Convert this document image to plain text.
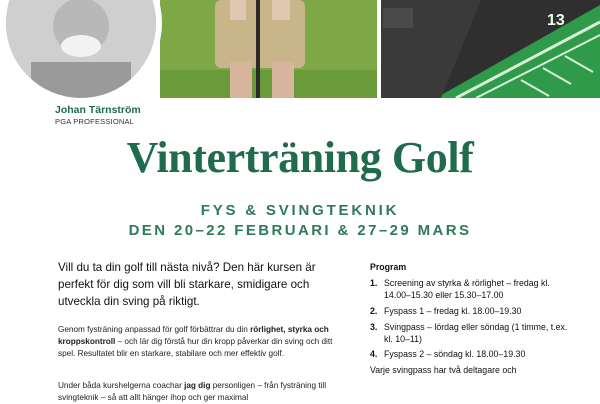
13
Johan Tärnström
PGA PROFESSIONAL
Vinterträning Golf
FYS & SVINGTEKNIK
DEN 20–22 FEBRUARI & 27–29 MARS
Vill du ta din golf till nästa nivå? Den här kursen är perfekt för dig som vill bli starkare, smidigare och utveckla din sving på riktigt.
Genom fysträning anpassad för golf förbättrar du din rörlighet, styrka och kroppskontroll – och lär dig förstå hur din kropp påverkar din sving och ditt spel. Resultatet blir en starkare, stabilare och mer effektiv golf.
Under båda kurshelgerna coachar jag dig personligen – från fysträning till svingteknik – så att allt hänger ihop och ger maximal
Program
1. Screening av styrka & rörlighet – fredag kl. 14.00–15.30 eller 15.30–17.00
2. Fyspass 1 – fredag kl. 18.00–19.30
3. Svingpass – lördag eller söndag (1 timme, t.ex. kl. 10–11)
4. Fyspass 2 – söndag kl. 18.00–19.30
Varje svingpass har två deltagare och
